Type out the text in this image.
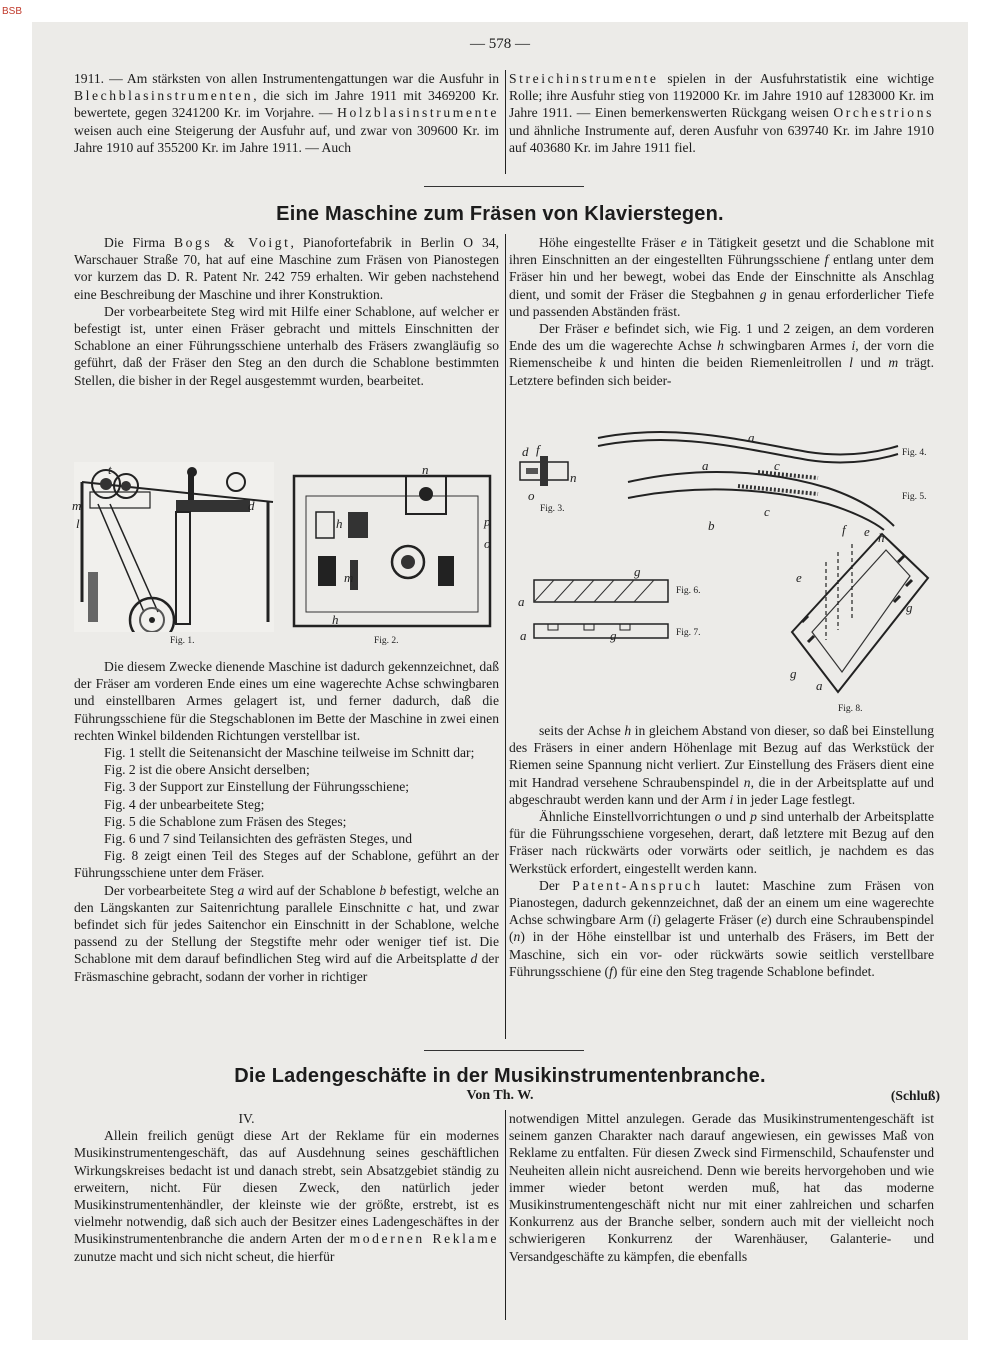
BSB
— 578 —

1911. — Am stärksten von allen Instrumentengattungen war die Ausfuhr in Blechblasinstrumenten, die sich im Jahre 1911 mit 3469200 Kr. bewertete, gegen 3241200 Kr. im Vorjahre. — Holzblasinstrumente weisen auch eine Steigerung der Ausfuhr auf, und zwar von 309600 Kr. im Jahre 1910 auf 355200 Kr. im Jahre 1911. — Auch

Streichinstrumente spielen in der Ausfuhrstatistik eine wichtige Rolle; ihre Ausfuhr stieg von 1192000 Kr. im Jahre 1910 auf 1283000 Kr. im Jahre 1911. — Einen bemerkenswerten Rückgang weisen Orchestrions und ähnliche Instrumente auf, deren Ausfuhr von 639740 Kr. im Jahre 1910 auf 403680 Kr. im Jahre 1911 fiel.

Eine Maschine zum Fräsen von Klavierstegen.

Die Firma Bogs & Voigt, Pianofortefabrik in Berlin O 34, Warschauer Straße 70, hat auf eine Maschine zum Fräsen von Pianostegen vor kurzem das D. R. Patent Nr. 242 759 erhalten. Wir geben nachstehend eine Beschreibung der Maschine und ihrer Konstruktion.

Der vorbearbeitete Steg wird mit Hilfe einer Schablone, auf welcher er befestigt ist, unter einen Fräser gebracht und mittels Einschnitten der Schablone an einer Führungsschiene unterhalb des Fräsers zwangläufig so geführt, daß der Fräser den Steg an den durch die Schablone bestimmten Stellen, die bisher in der Regel ausgestemmt wurden, bearbeitet.

Höhe eingestellte Fräser e in Tätigkeit gesetzt und die Schablone mit ihren Einschnitten an der eingestellten Führungsschiene f entlang unter dem Fräser hin und her bewegt, wobei das Ende der Einschnitte als Anschlag dient, und somit der Fräser die Stegbahnen g in genau erforderlicher Tiefe und passenden Abständen fräst.

Der Fräser e befindet sich, wie Fig. 1 und 2 zeigen, an dem vorderen Ende des um die wagerechte Achse h schwingbaren Armes i, der vorn die Riemenscheibe k und hinten die beiden Riemenleitrollen l und m trägt. Letztere befinden sich beider-

t
d
m
l
Fig. 1.
n
h	p
o
m
h
Fig. 2.
d f
n
o
Fig. 3.
a
a	c
c
b
Fig. 4.
Fig. 5.
g
a
a	g
Fig. 6.
Fig. 7.
f e h
e
g
g
a
Fig. 8.

Die diesem Zwecke dienende Maschine ist dadurch gekennzeichnet, daß der Fräser am vorderen Ende eines um eine wagerechte Achse schwingbaren und einstellbaren Armes gelagert ist, und ferner dadurch, daß die Führungsschiene für die Stegschablonen im Bette der Maschine in zwei einen rechten Winkel bildenden Richtungen verstellbar ist.

Fig. 1 stellt die Seitenansicht der Maschine teilweise im Schnitt dar;

Fig. 2 ist die obere Ansicht derselben;

Fig. 3 der Support zur Einstellung der Führungsschiene;

Fig. 4 der unbearbeitete Steg;

Fig. 5 die Schablone zum Fräsen des Steges;

Fig. 6 und 7 sind Teilansichten des gefrästen Steges, und

Fig. 8 zeigt einen Teil des Steges auf der Schablone, geführt an der Führungsschiene unter dem Fräser.

Der vorbearbeitete Steg a wird auf der Schablone b befestigt, welche an den Längskanten zur Saitenrichtung parallele Einschnitte c hat, und zwar befindet sich für jedes Saitenchor ein Einschnitt in der Schablone, welche passend zu der Stellung der Stegstifte mehr oder weniger tief ist. Die Schablone mit dem darauf befindlichen Steg wird auf die Arbeitsplatte d der Fräsmaschine gebracht, sodann der vorher in richtiger

seits der Achse h in gleichem Abstand von dieser, so daß bei Einstellung des Fräsers in einer andern Höhenlage mit Bezug auf das Werkstück der Riemen seine Spannung nicht verliert. Zur Einstellung des Fräsers dient eine mit Handrad versehene Schraubenspindel n, die in der Arbeitsplatte auf und abgeschraubt werden kann und der Arm i in jeder Lage festlegt.

Ähnliche Einstellvorrichtungen o und p sind unterhalb der Arbeitsplatte für die Führungsschiene vorgesehen, derart, daß letztere mit Bezug auf den Fräser nach rückwärts oder vorwärts oder seitlich, je nachdem es das Werkstück erfordert, eingestellt werden kann.

Der Patent-Anspruch lautet: Maschine zum Fräsen von Pianostegen, dadurch gekennzeichnet, daß der an einem um eine wagerechte Achse schwingbare Arm (i) gelagerte Fräser (e) durch eine Schraubenspindel (n) in der Höhe einstellbar ist und unterhalb des Fräsers, im Bett der Maschine, sich ein vor- oder rückwärts sowie seitlich verstellbare Führungsschiene (f) für eine den Steg tragende Schablone befindet.

Die Ladengeschäfte in der Musikinstrumentenbranche.
Von Th. W.	(Schluß)
IV.

Allein freilich genügt diese Art der Reklame für ein modernes Musikinstrumentengeschäft, das auf Ausdehnung seines geschäftlichen Wirkungskreises bedacht ist und danach strebt, sein Absatzgebiet ständig zu erweitern, nicht. Für diesen Zweck, den natürlich jeder Musikinstrumentenhändler, der kleinste wie der größte, erstrebt, ist es vielmehr notwendig, daß sich auch der Besitzer eines Ladengeschäftes in der Musikinstrumentenbranche die andern Arten der modernen Reklame zunutze macht und sich nicht scheut, die hierfür

notwendigen Mittel anzulegen. Gerade das Musikinstrumentengeschäft ist seinem ganzen Charakter nach darauf angewiesen, ein gewisses Maß von Reklame zu entfalten. Für diesen Zweck sind Firmenschild, Schaufenster und Neuheiten allein nicht ausreichend. Denn wie bereits hervorgehoben und wie immer wieder betont werden muß, hat das moderne Musikinstrumentengeschäft nicht nur mit einer zahlreichen und scharfen Konkurrenz aus der Branche selber, sondern auch mit der vielleicht noch schwierigeren Konkurrenz der Warenhäuser, Galanterie- und Versandgeschäfte zu kämpfen, die ebenfalls
